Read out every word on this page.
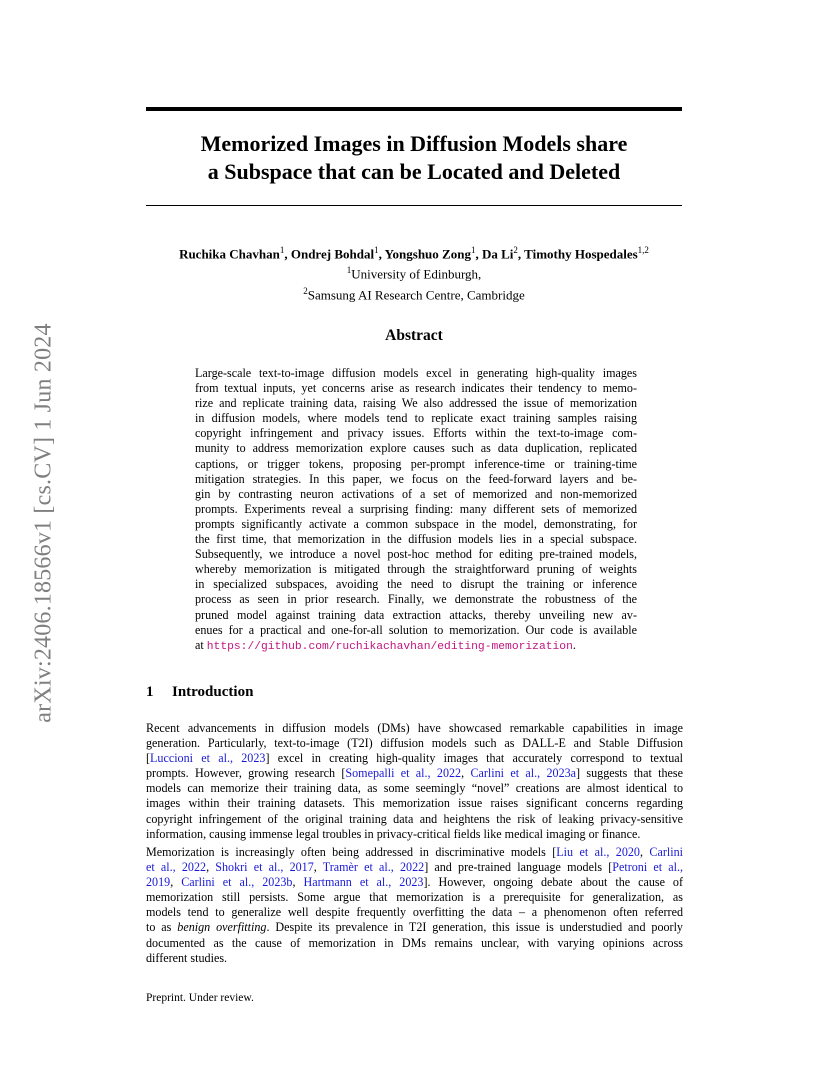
arXiv:2406.18566v1 [cs.CV] 1 Jun 2024
Memorized Images in Diffusion Models share
a Subspace that can be Located and Deleted
Ruchika Chavhan$^1$, Ondrej Bohdal$^1$, Yongshuo Zong$^1$, Da Li$^2$, Timothy Hospedales$^{1,2}$
$^1$University of Edinburgh,
$^2$Samsung AI Research Centre, Cambridge
Abstract
Large-scale text-to-image diffusion models excel in generating high-quality images
from textual inputs, yet concerns arise as research indicates their tendency to memo-
rize and replicate training data, raising We also addressed the issue of memorization
in diffusion models, where models tend to replicate exact training samples raising
copyright infringement and privacy issues. Efforts within the text-to-image com-
munity to address memorization explore causes such as data duplication, replicated
captions, or trigger tokens, proposing per-prompt inference-time or training-time
mitigation strategies. In this paper, we focus on the feed-forward layers and be-
gin by contrasting neuron activations of a set of memorized and non-memorized
prompts. Experiments reveal a surprising finding: many different sets of memorized
prompts significantly activate a common subspace in the model, demonstrating, for
the first time, that memorization in the diffusion models lies in a special subspace.
Subsequently, we introduce a novel post-hoc method for editing pre-trained models,
whereby memorization is mitigated through the straightforward pruning of weights
in specialized subspaces, avoiding the need to disrupt the training or inference
process as seen in prior research. Finally, we demonstrate the robustness of the
pruned model against training data extraction attacks, thereby unveiling new av-
enues for a practical and one-for-all solution to memorization. Our code is available
at https://github.com/ruchikachavhan/editing-memorization.
1 Introduction
Recent advancements in diffusion models (DMs) have showcased remarkable capabilities in image
generation. Particularly, text-to-image (T2I) diffusion models such as DALL-E and Stable Diffusion
[Luccioni et al., 2023] excel in creating high-quality images that accurately correspond to textual
prompts. However, growing research [Somepalli et al., 2022, Carlini et al., 2023a] suggests that these
models can memorize their training data, as some seemingly “novel” creations are almost identical to
images within their training datasets. This memorization issue raises significant concerns regarding
copyright infringement of the original training data and heightens the risk of leaking privacy-sensitive
information, causing immense legal troubles in privacy-critical fields like medical imaging or finance.
Memorization is increasingly often being addressed in discriminative models [Liu et al., 2020, Carlini
et al., 2022, Shokri et al., 2017, Tramèr et al., 2022] and pre-trained language models [Petroni et al.,
2019, Carlini et al., 2023b, Hartmann et al., 2023]. However, ongoing debate about the cause of
memorization still persists. Some argue that memorization is a prerequisite for generalization, as
models tend to generalize well despite frequently overfitting the data – a phenomenon often referred
to as benign overfitting. Despite its prevalence in T2I generation, this issue is understudied and poorly
documented as the cause of memorization in DMs remains unclear, with varying opinions across
different studies.
Preprint. Under review.
